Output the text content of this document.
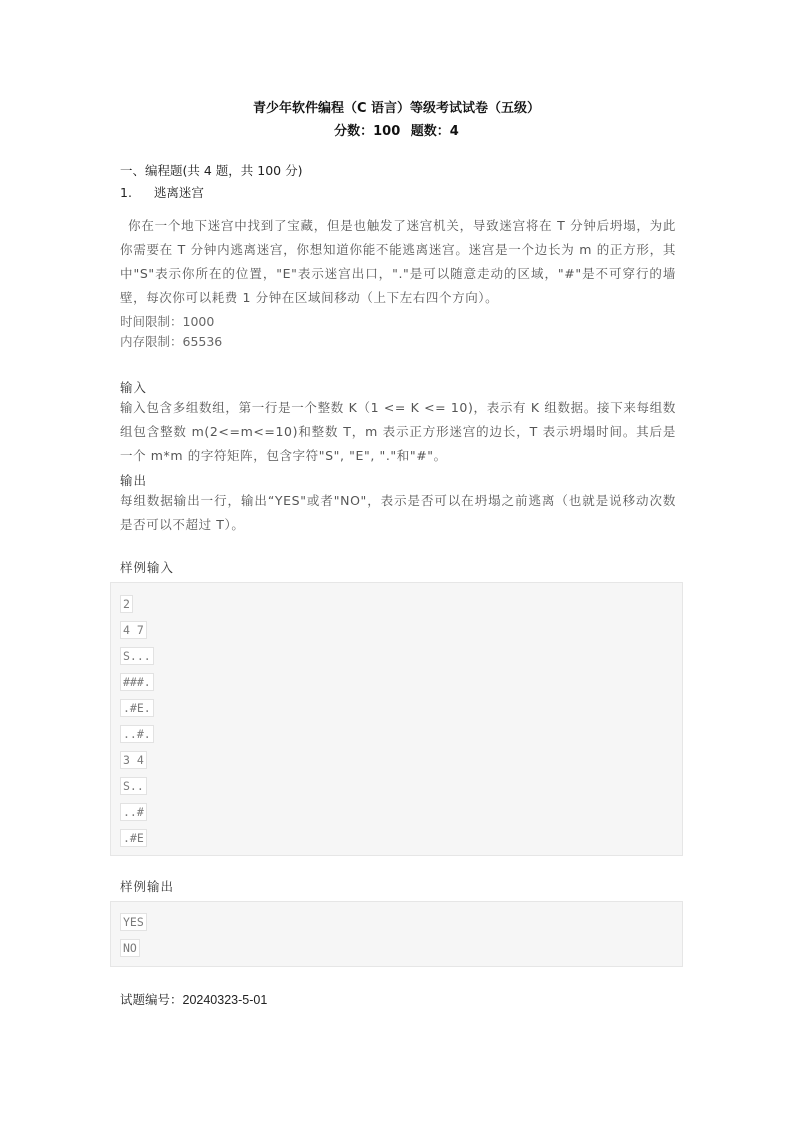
青少年软件编程（C 语言）等级考试试卷（五级）
分数：100 题数：4
一、编程题(共 4 题，共 100 分)
1. 逃离迷宫
你在一个地下迷宫中找到了宝藏，但是也触发了迷宫机关，导致迷宫将在 T 分钟后坍塌，为此你需要在 T 分钟内逃离迷宫，你想知道你能不能逃离迷宫。迷宫是一个边长为 m 的正方形，其中"S"表示你所在的位置，"E"表示迷宫出口，"."是可以随意走动的区域，"#"是不可穿行的墙壁，每次你可以耗费 1 分钟在区域间移动（上下左右四个方向）。
时间限制：1000
内存限制：65536
输入
输入包含多组数组，第一行是一个整数 K（1 <= K <= 10)，表示有 K 组数据。接下来每组数组包含整数 m(2<=m<=10)和整数 T，m 表示正方形迷宫的边长，T 表示坍塌时间。其后是一个 m*m 的字符矩阵，包含字符"S", "E", "."和"#"。
输出
每组数据输出一行，输出“YES"或者"NO"，表示是否可以在坍塌之前逃离（也就是说移动次数是否可以不超过 T）。
样例输入
2
4 7
S...
###.
.#E.
..#.
3 4
S..
..#
.#E
样例输出
YES
NO
试题编号：20240323-5-01
